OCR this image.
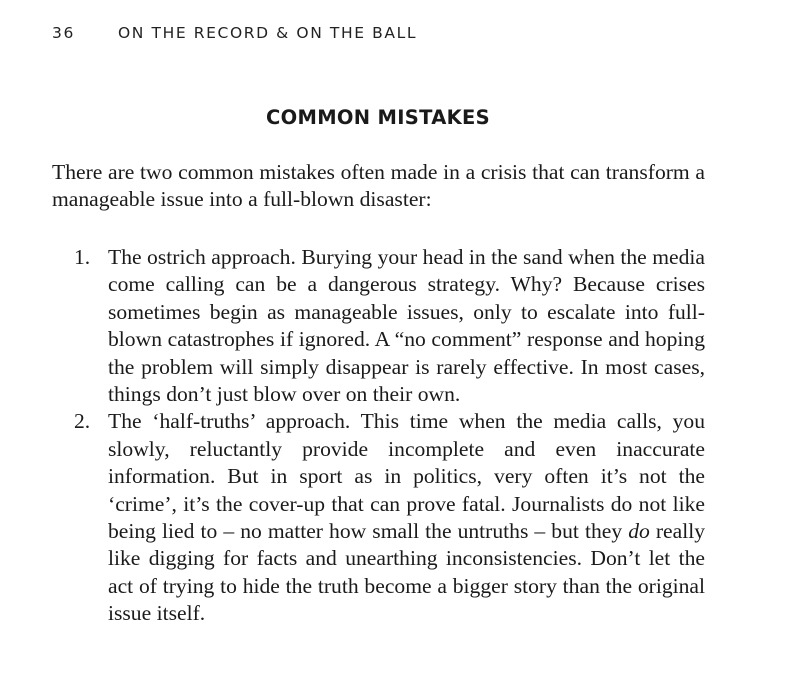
36	ON THE RECORD & ON THE BALL
COMMON MISTAKES

There are two common mistakes often made in a crisis that can transform a manageable issue into a full-blown disaster:

1. The ostrich approach. Burying your head in the sand when the media come calling can be a dangerous strategy. Why? Because crises sometimes begin as manageable issues, only to escalate into full-blown catastrophes if ignored. A “no comment” response and hoping the problem will simply disappear is rarely effective. In most cases, things don’t just blow over on their own.
2. The ‘half-truths’ approach. This time when the media calls, you slowly, reluctantly provide incomplete and even inaccurate information. But in sport as in politics, very often it’s not the ‘crime’, it’s the cover-up that can prove fatal. Journalists do not like being lied to – no matter how small the untruths – but they do really like digging for facts and unearthing inconsistencies. Don’t let the act of trying to hide the truth become a bigger story than the original issue itself.
